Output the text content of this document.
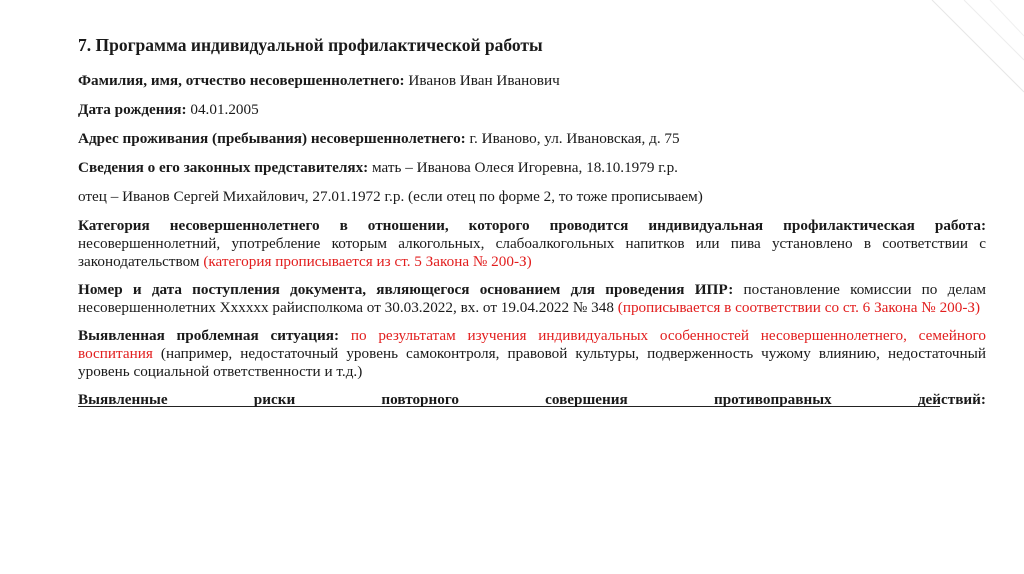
7. Программа индивидуальной профилактической работы
Фамилия, имя, отчество несовершеннолетнего: Иванов Иван Иванович
Дата рождения: 04.01.2005
Адрес проживания (пребывания) несовершеннолетнего: г. Иваново, ул. Ивановская, д. 75
Сведения о его законных представителях: мать – Иванова Олеся Игоревна, 18.10.1979 г.р.
отец – Иванов Сергей Михайлович, 27.01.1972 г.р. (если отец по форме 2, то тоже прописываем)
Категория несовершеннолетнего в отношении, которого проводится индивидуальная профилактическая работа: несовершеннолетний, употребление которым алкогольных, слабоалкогольных напитков или пива установлено в соответствии с законодательством (категория прописывается из ст. 5 Закона № 200-З)
Номер и дата поступления документа, являющегося основанием для проведения ИПР: постановление комиссии по делам несовершеннолетних Xxxxxx райисполкома от 30.03.2022, вх. от 19.04.2022 № 348 (прописывается в соответствии со ст. 6 Закона № 200-З)
Выявленная проблемная ситуация: по результатам изучения индивидуальных особенностей несовершеннолетнего, семейного воспитания (например, недостаточный уровень самоконтроля, правовой культуры, подверженность чужому влиянию, недостаточный уровень социальной ответственности и т.д.)
Выявленные риски повторного совершения противоправных действий:
